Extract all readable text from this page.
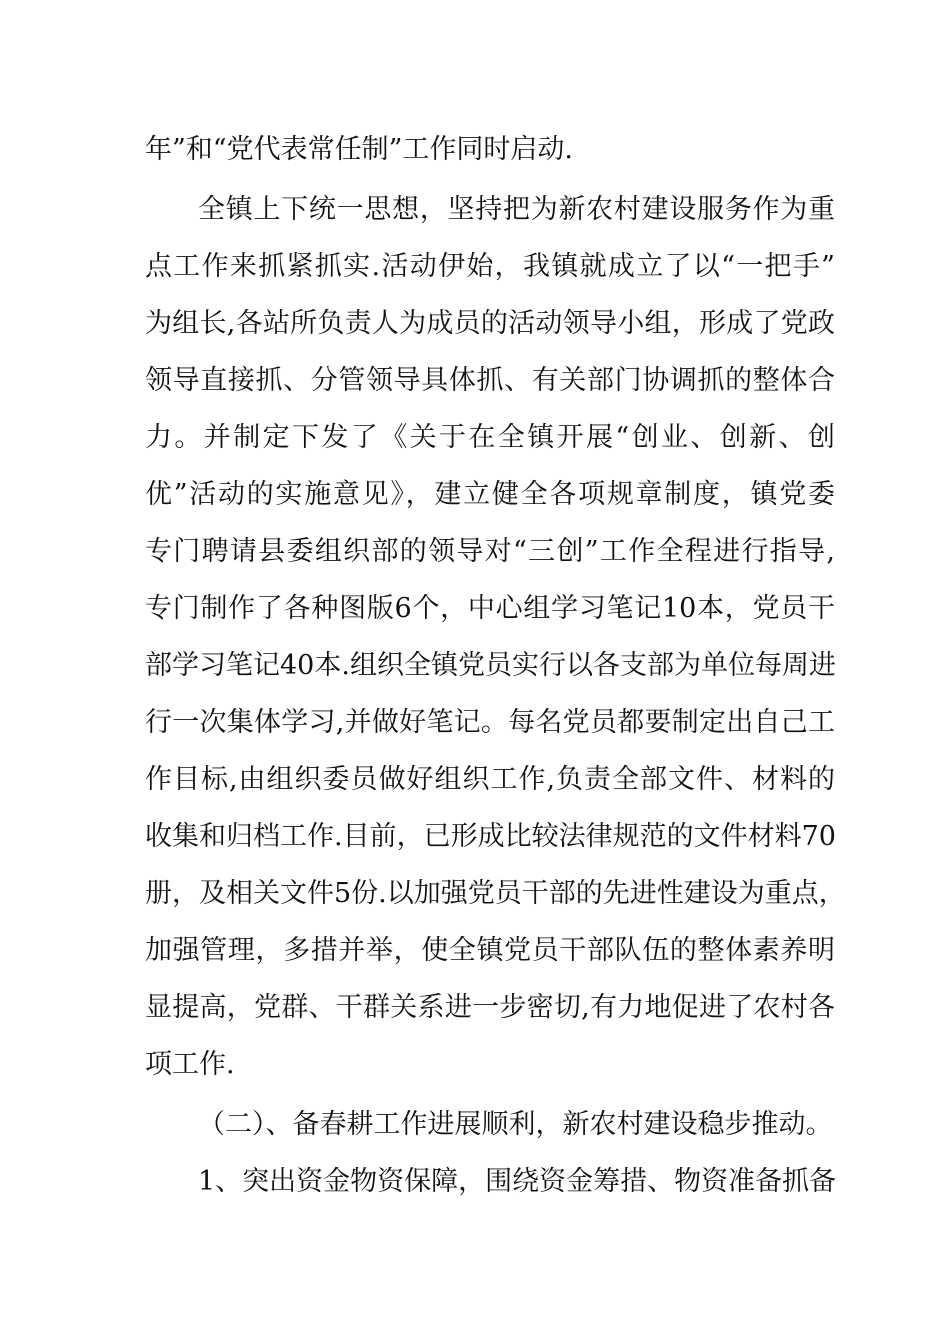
年”和“党代表常任制”工作同时启动.
全镇上下统一思想，坚持把为新农村建设服务作为重
点工作来抓紧抓实.活动伊始，我镇就成立了以“一把手”
为组长,各站所负责人为成员的活动领导小组，形成了党政
领导直接抓、分管领导具体抓、有关部门协调抓的整体合
力。并制定下发了《关于在全镇开展“创业、创新、创
优”活动的实施意见》，建立健全各项规章制度，镇党委
专门聘请县委组织部的领导对“三创”工作全程进行指导,
专门制作了各种图版6个，中心组学习笔记10本，党员干
部学习笔记40本.组织全镇党员实行以各支部为单位每周进
行一次集体学习,并做好笔记。每名党员都要制定出自己工
作目标,由组织委员做好组织工作,负责全部文件、材料的
收集和归档工作.目前，已形成比较法律规范的文件材料70
册，及相关文件5份.以加强党员干部的先进性建设为重点，
加强管理，多措并举，使全镇党员干部队伍的整体素养明
显提高，党群、干群关系进一步密切,有力地促进了农村各
项工作.
（二）、备春耕工作进展顺利，新农村建设稳步推动。
1、突出资金物资保障，围绕资金筹措、物资准备抓备
